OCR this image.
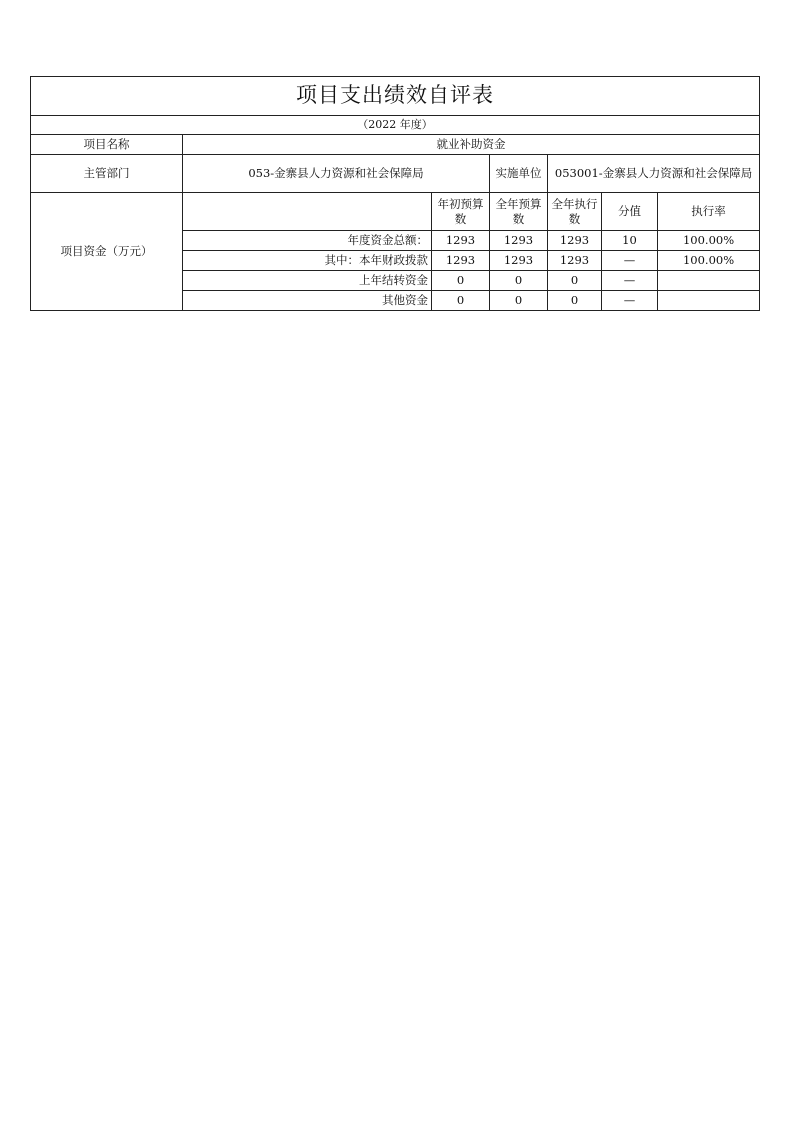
项目支出绩效自评表						
（2022 年度）						
项目名称	就业补助资金					
主管部门	053-金寨县人力资源和社会保障局		实施单位	053001-金寨县人力资源和社会保障局		
项目资金（万元）		年初预算数	全年预算数	全年执行数	分值	执行率
	年度资金总额：	1293	1293	1293	10	100.00%
	其中：本年财政拨款	1293	1293	1293	—	100.00%
	上年结转资金	0	0	0	—	
	其他资金	0	0	0	—	
